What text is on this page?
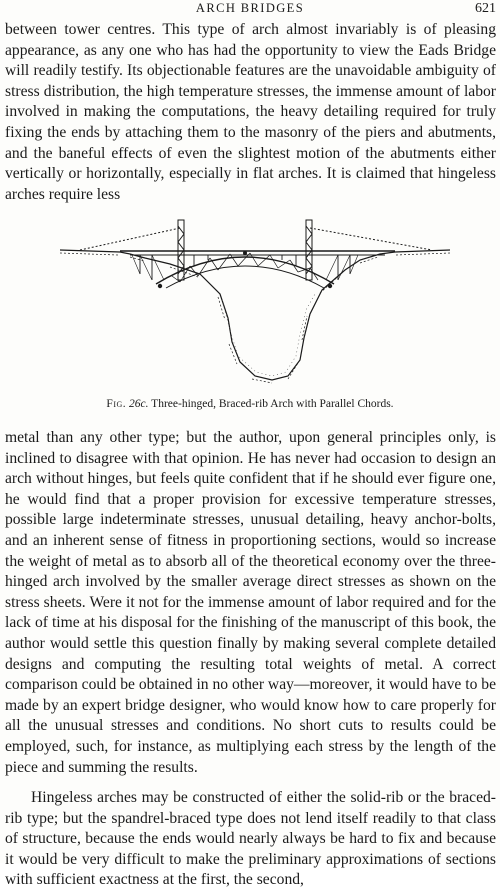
ARCH BRIDGES	621

between tower centres. This type of arch almost invariably is of pleasing appearance, as any one who has had the opportunity to view the Eads Bridge will readily testify. Its objectionable features are the unavoidable ambiguity of stress distribution, the high temperature stresses, the immense amount of labor involved in making the computations, the heavy detailing required for truly fixing the ends by attaching them to the masonry of the piers and abutments, and the baneful effects of even the slightest motion of the abutments either vertically or horizontally, especially in flat arches. It is claimed that hingeless arches require less

Fig. 26c. Three-hinged, Braced-rib Arch with Parallel Chords.

metal than any other type; but the author, upon general principles only, is inclined to disagree with that opinion. He has never had occasion to design an arch without hinges, but feels quite confident that if he should ever figure one, he would find that a proper provision for excessive temperature stresses, possible large indeterminate stresses, unusual detailing, heavy anchor-bolts, and an inherent sense of fitness in proportioning sections, would so increase the weight of metal as to absorb all of the theoretical economy over the three-hinged arch involved by the smaller average direct stresses as shown on the stress sheets. Were it not for the immense amount of labor required and for the lack of time at his disposal for the finishing of the manuscript of this book, the author would settle this question finally by making several complete detailed designs and computing the resulting total weights of metal. A correct comparison could be obtained in no other way—moreover, it would have to be made by an expert bridge designer, who would know how to care properly for all the unusual stresses and conditions. No short cuts to results could be employed, such, for instance, as multiplying each stress by the length of the piece and summing the results.

Hingeless arches may be constructed of either the solid-rib or the braced-rib type; but the spandrel-braced type does not lend itself readily to that class of structure, because the ends would nearly always be hard to fix and because it would be very difficult to make the preliminary approximations of sections with sufficient exactness at the first, the second,
